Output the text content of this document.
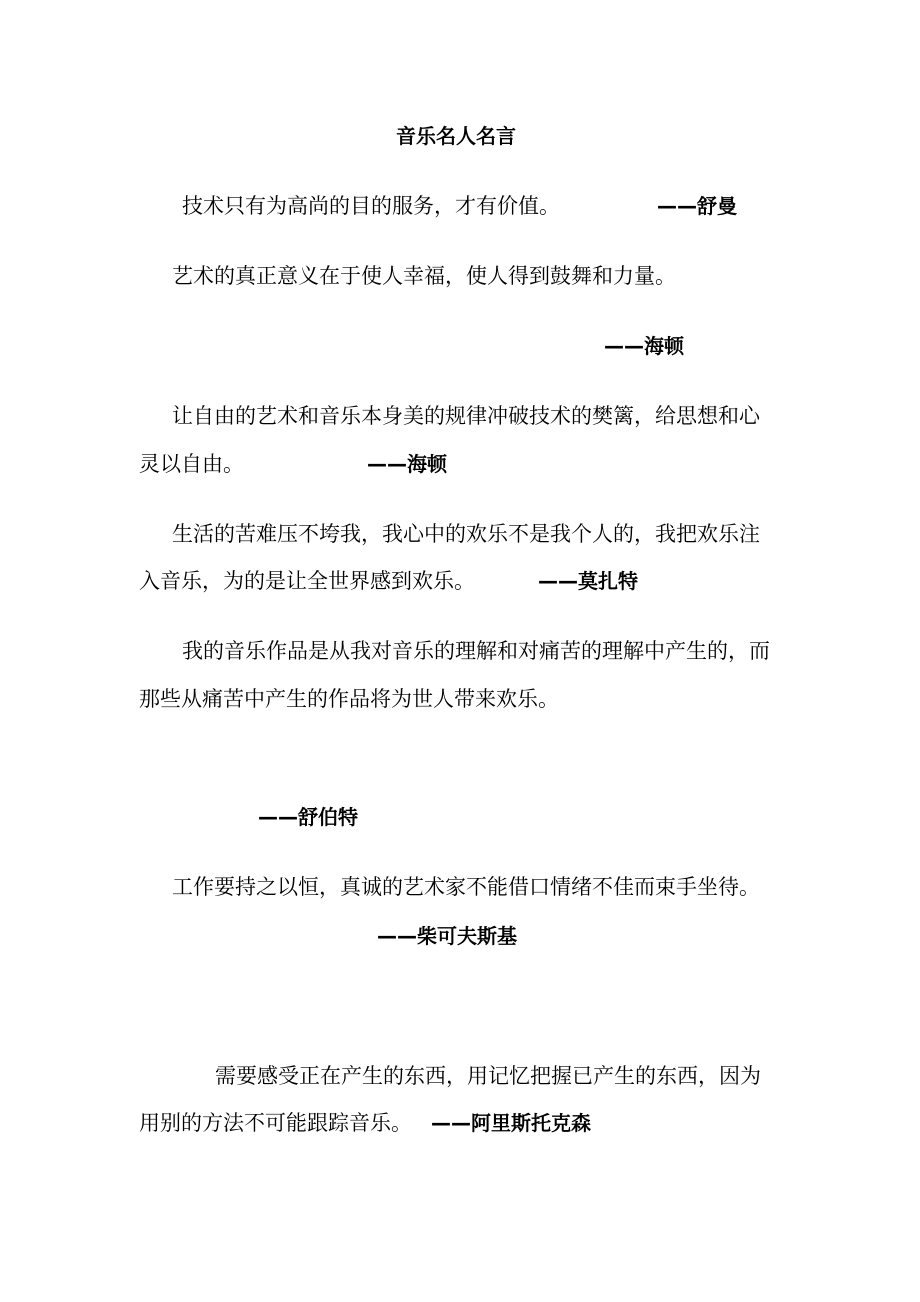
音乐名人名言

技术只有为高尚的目的服务，才有价值。	——舒曼

艺术的真正意义在于使人幸福，使人得到鼓舞和力量。

——海顿

让自由的艺术和音乐本身美的规律冲破技术的樊篱，给思想和心

灵以自由。	——海顿

生活的苦难压不垮我，我心中的欢乐不是我个人的，我把欢乐注

入音乐，为的是让全世界感到欢乐。	——莫扎特

我的音乐作品是从我对音乐的理解和对痛苦的理解中产生的，而

那些从痛苦中产生的作品将为世人带来欢乐。

——舒伯特

工作要持之以恒，真诚的艺术家不能借口情绪不佳而束手坐待。

——柴可夫斯基

需要感受正在产生的东西，用记忆把握已产生的东西，因为

用别的方法不可能跟踪音乐。 ——阿里斯托克森
